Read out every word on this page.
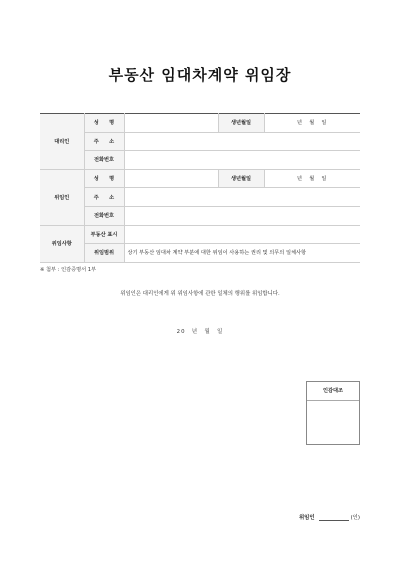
부동산 임대차계약 위임장
대리인	성　　명		생년월일	년　월　일
	주　　소			
	전화번호			
위임인	성　　명		생년월일	년　월　일
	주　　소			
	전화번호			
위임사항	부동산 표시			
	위임범위	상기 부동산 임대차 계약 부분에 대한 위임이 사용하는 권리 및 의무의 일체사항		
※ 첨부 : 인감증명서 1부
위임인은 대리인에게 위 위임사항에 관한 일체의 행위를 위임합니다.
20　년　월　일
인감대조
위임인	(인)
